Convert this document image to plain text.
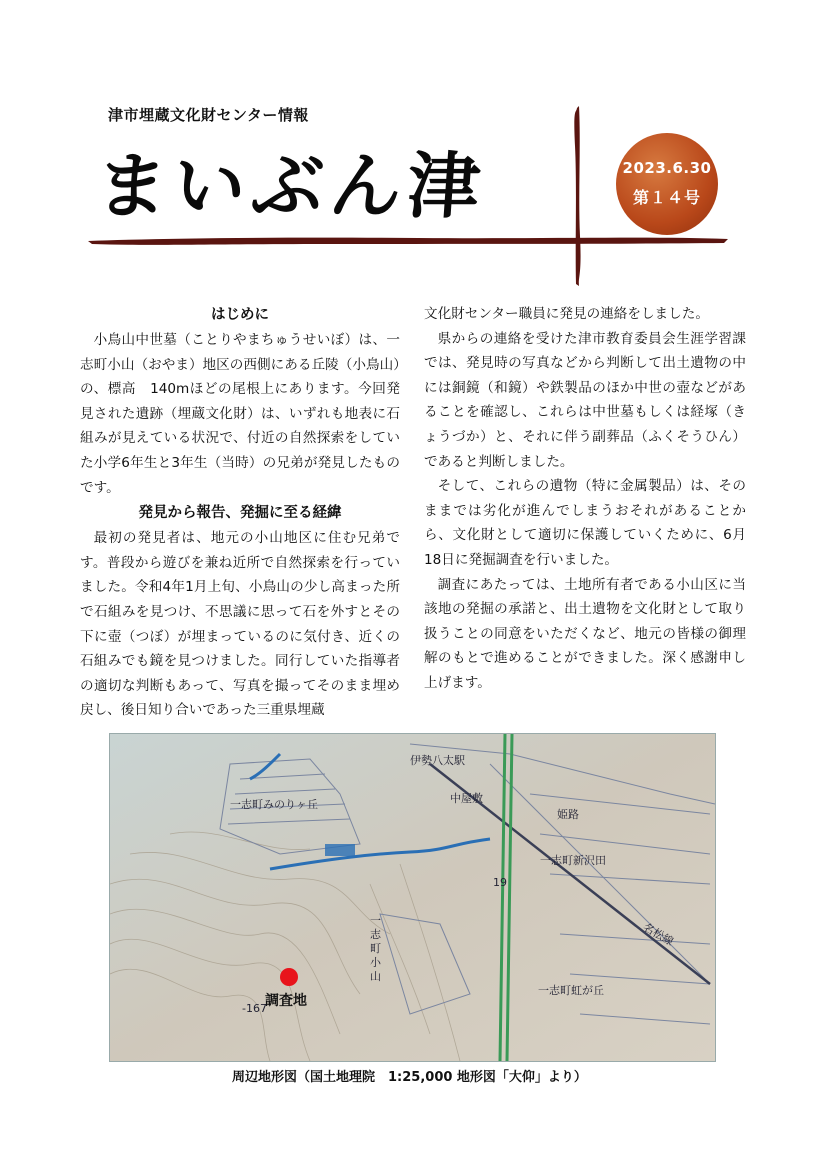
津市埋蔵文化財センター情報
まいぶん津	2023.6.30
第１４号
はじめに

小鳥山中世墓（ことりやまちゅうせいぼ）は、一志町小山（おやま）地区の西側にある丘陵（小鳥山）の、標高　140mほどの尾根上にあります。今回発見された遺跡（埋蔵文化財）は、いずれも地表に石組みが見えている状況で、付近の自然探索をしていた小学6年生と3年生（当時）の兄弟が発見したものです。

発見から報告、発掘に至る経緯

最初の発見者は、地元の小山地区に住む兄弟です。普段から遊びを兼ね近所で自然探索を行っていました。令和4年1月上旬、小鳥山の少し高まった所で石組みを見つけ、不思議に思って石を外すとその下に壺（つぼ）が埋まっているのに気付き、近くの石組みでも鏡を見つけました。同行していた指導者の適切な判断もあって、写真を撮ってそのまま埋め戻し、後日知り合いであった三重県埋蔵

文化財センター職員に発見の連絡をしました。

県からの連絡を受けた津市教育委員会生涯学習課では、発見時の写真などから判断して出土遺物の中には銅鏡（和鏡）や鉄製品のほか中世の壺などがあることを確認し、これらは中世墓もしくは経塚（きょうづか）と、それに伴う副葬品（ふくそうひん）であると判断しました。

そして、これらの遺物（特に金属製品）は、そのままでは劣化が進んでしまうおそれがあることから、文化財として適切に保護していくために、6月18日に発掘調査を行いました。

調査にあたっては、土地所有者である小山区に当該地の発掘の承諾と、出土遺物を文化財として取り扱うことの同意をいただくなど、地元の皆様の御理解のもとで進めることができました。深く感謝申し上げます。

伊勢八太駅
一志町みのりヶ丘	中屋敷
姫路
一志町新沢田
19
名松線
一志町小山
一志町虹が丘
-167
調査地
周辺地形図（国土地理院　1:25,000 地形図「大仰」より）
